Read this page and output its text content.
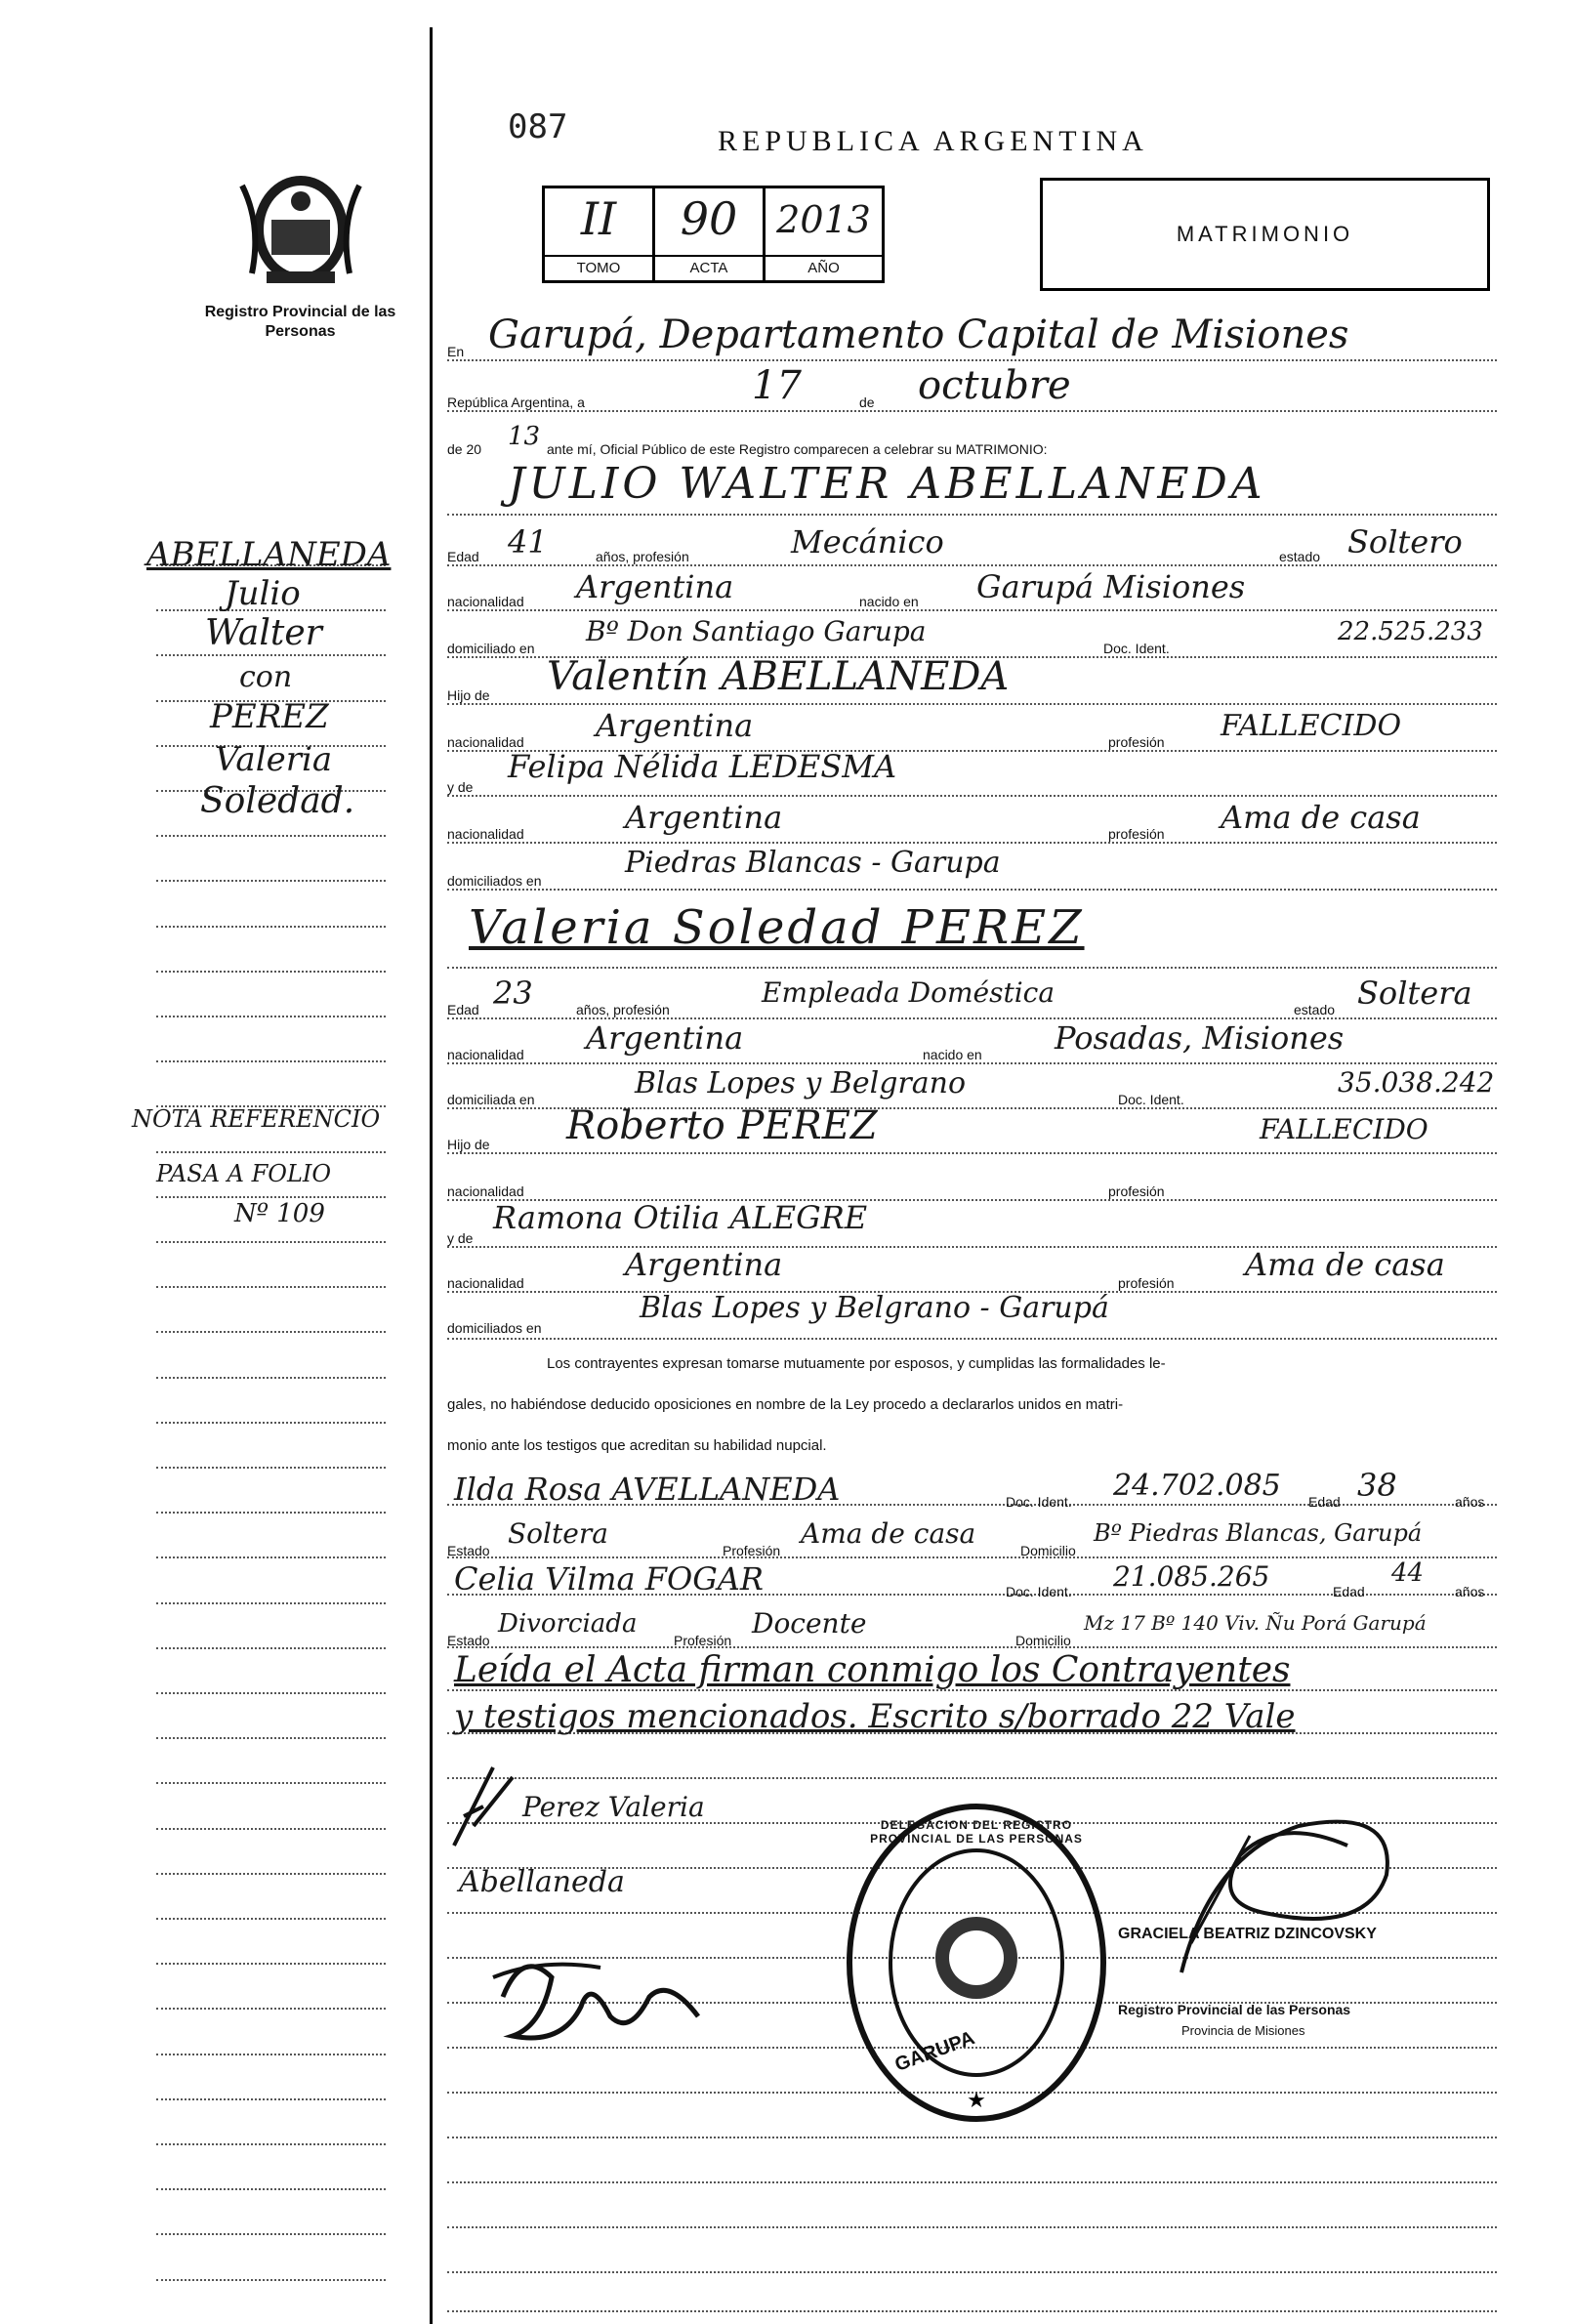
Registro Provincial de las Personas
087	REPUBLICA ARGENTINA
II
TOMO
90
ACTA
2013
AÑO
MATRIMONIO
ABELLANEDA
Julio
Walter
con
PEREZ
Valeria
Soledad.
NOTA REFERENCIO
PASA A FOLIO
Nº 109
En Garupá, Departamento Capital de Misiones
República Argentina, a	17	de octubre
de 20 13 ante mí, Oficial Público de este Registro comparecen a celebrar su MATRIMONIO:
JULIO WALTER ABELLANEDA
Edad 41	años, profesión	Mecánico	estado Soltero
nacionalidad Argentina	nacido en Garupá Misiones
domiciliado en
Bº Don Santiago Garupa
Doc. Ident.
22.525.233
Hijo de Valentín ABELLANEDA
nacionalidad Argentina	profesión FALLECIDO
y de
Felipa Nélida LEDESMA
nacionalidad	Argentina	profesión Ama de casa
domiciliados en
Piedras Blancas - Garupa
Valeria Soledad PEREZ
Edad 23	años, profesión
Empleada Doméstica
estado Soltera
nacionalidad Argentina	nacido en Posadas, Misiones
domiciliada en	Blas Lopes y Belgrano	Doc. Ident.
35.038.242
Hijo de Roberto PEREZ	FALLECIDO
nacionalidad	profesión
y de
Ramona Otilia ALEGRE
nacionalidad	Argentina	profesión Ama de casa
domiciliados en
Blas Lopes y Belgrano - Garupá
Los contrayentes expresan tomarse mutuamente por esposos, y cumplidas las formalidades le-
gales, no habiéndose deducido oposiciones en nombre de la Ley procedo a declararlos unidos en matri-
monio ante los testigos que acreditan su habilidad nupcial.
Ilda Rosa AVELLANEDA	Doc. Ident. 24.702.085 Edad 38	años
Estado
Soltera
Profesión
Ama de casa
Domicilio
Bº Piedras Blancas, Garupá
Celia Vilma FOGAR	Doc. Ident. 21.085.265	Edad
44
años
Estado
Divorciada
Profesión
Docente
Domicilio
Mz 17 Bº 140 Viv. Ñu Porá Garupá
Leída el Acta firman conmigo los Contrayentes
y testigos mencionados. Escrito s/borrado 22 Vale
Perez Valeria
Abellaneda
★
GARUPA
DELEGACION DEL REGISTRO PROVINCIAL DE LAS PERSONAS
GRACIELA BEATRIZ DZINCOVSKY
Registro Provincial de las Personas
Provincia de Misiones
